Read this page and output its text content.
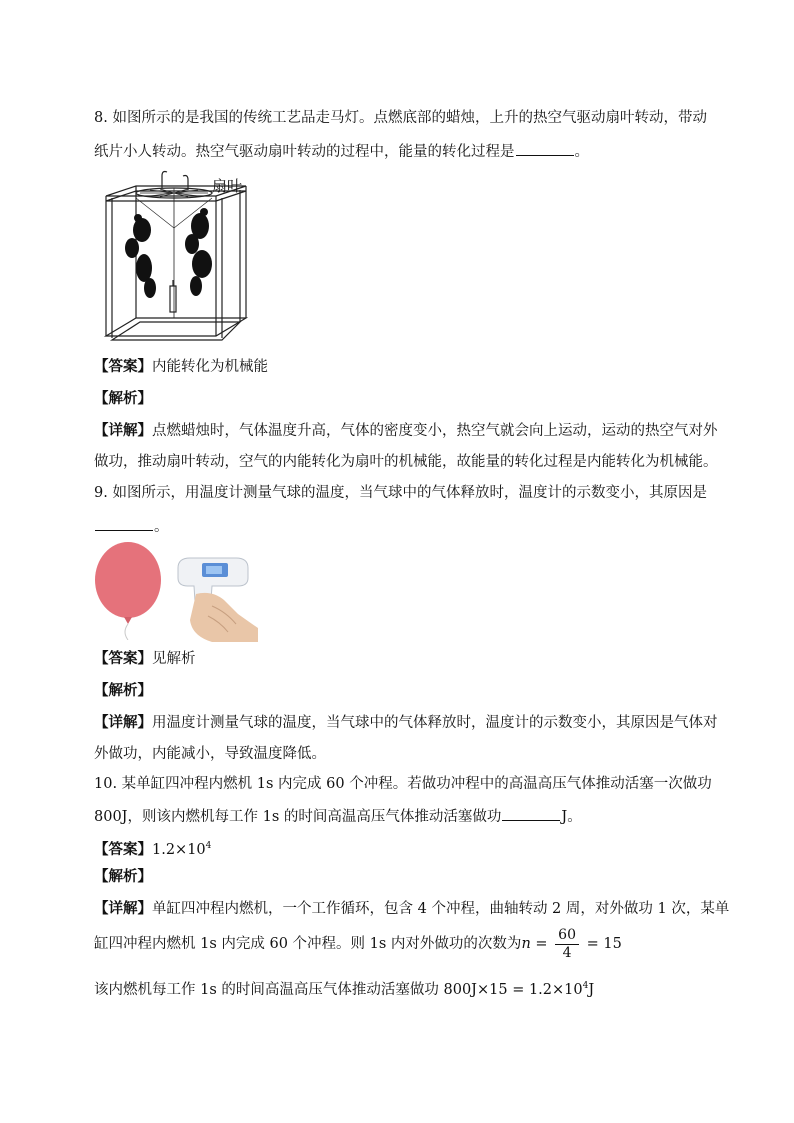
8. 如图所示的是我国的传统工艺品走马灯。点燃底部的蜡烛，上升的热空气驱动扇叶转动，带动
纸片小人转动。热空气驱动扇叶转动的过程中，能量的转化过程是	。
扇叶
【答案】内能转化为机械能
【解析】
【详解】点燃蜡烛时，气体温度升高，气体的密度变小，热空气就会向上运动，运动的热空气对外
做功，推动扇叶转动，空气的内能转化为扇叶的机械能，故能量的转化过程是内能转化为机械能。
9. 如图所示，用温度计测量气球的温度，当气球中的气体释放时，温度计的示数变小，其原因是
。
【答案】见解析
【解析】
【详解】用温度计测量气球的温度，当气球中的气体释放时，温度计的示数变小，其原因是气体对
外做功，内能减小，导致温度降低。
10. 某单缸四冲程内燃机 1s 内完成 60 个冲程。若做功冲程中的高温高压气体推动活塞一次做功
800J，则该内燃机每工作 1s 的时间高温高压气体推动活塞做功	J。
【答案】$1.2\times 10^4$
【解析】
【详解】单缸四冲程内燃机，一个工作循环，包含 4 个冲程，曲轴转动 2 周，对外做功 1 次，某单
缸四冲程内燃机 1s 内完成 60 个冲程。则 1s 内对外做功的次数为$n = \frac{60}{4} = 15$
该内燃机每工作 1s 的时间高温高压气体推动活塞做功 $800J\times 15 = 1.2\times 10^4J$
